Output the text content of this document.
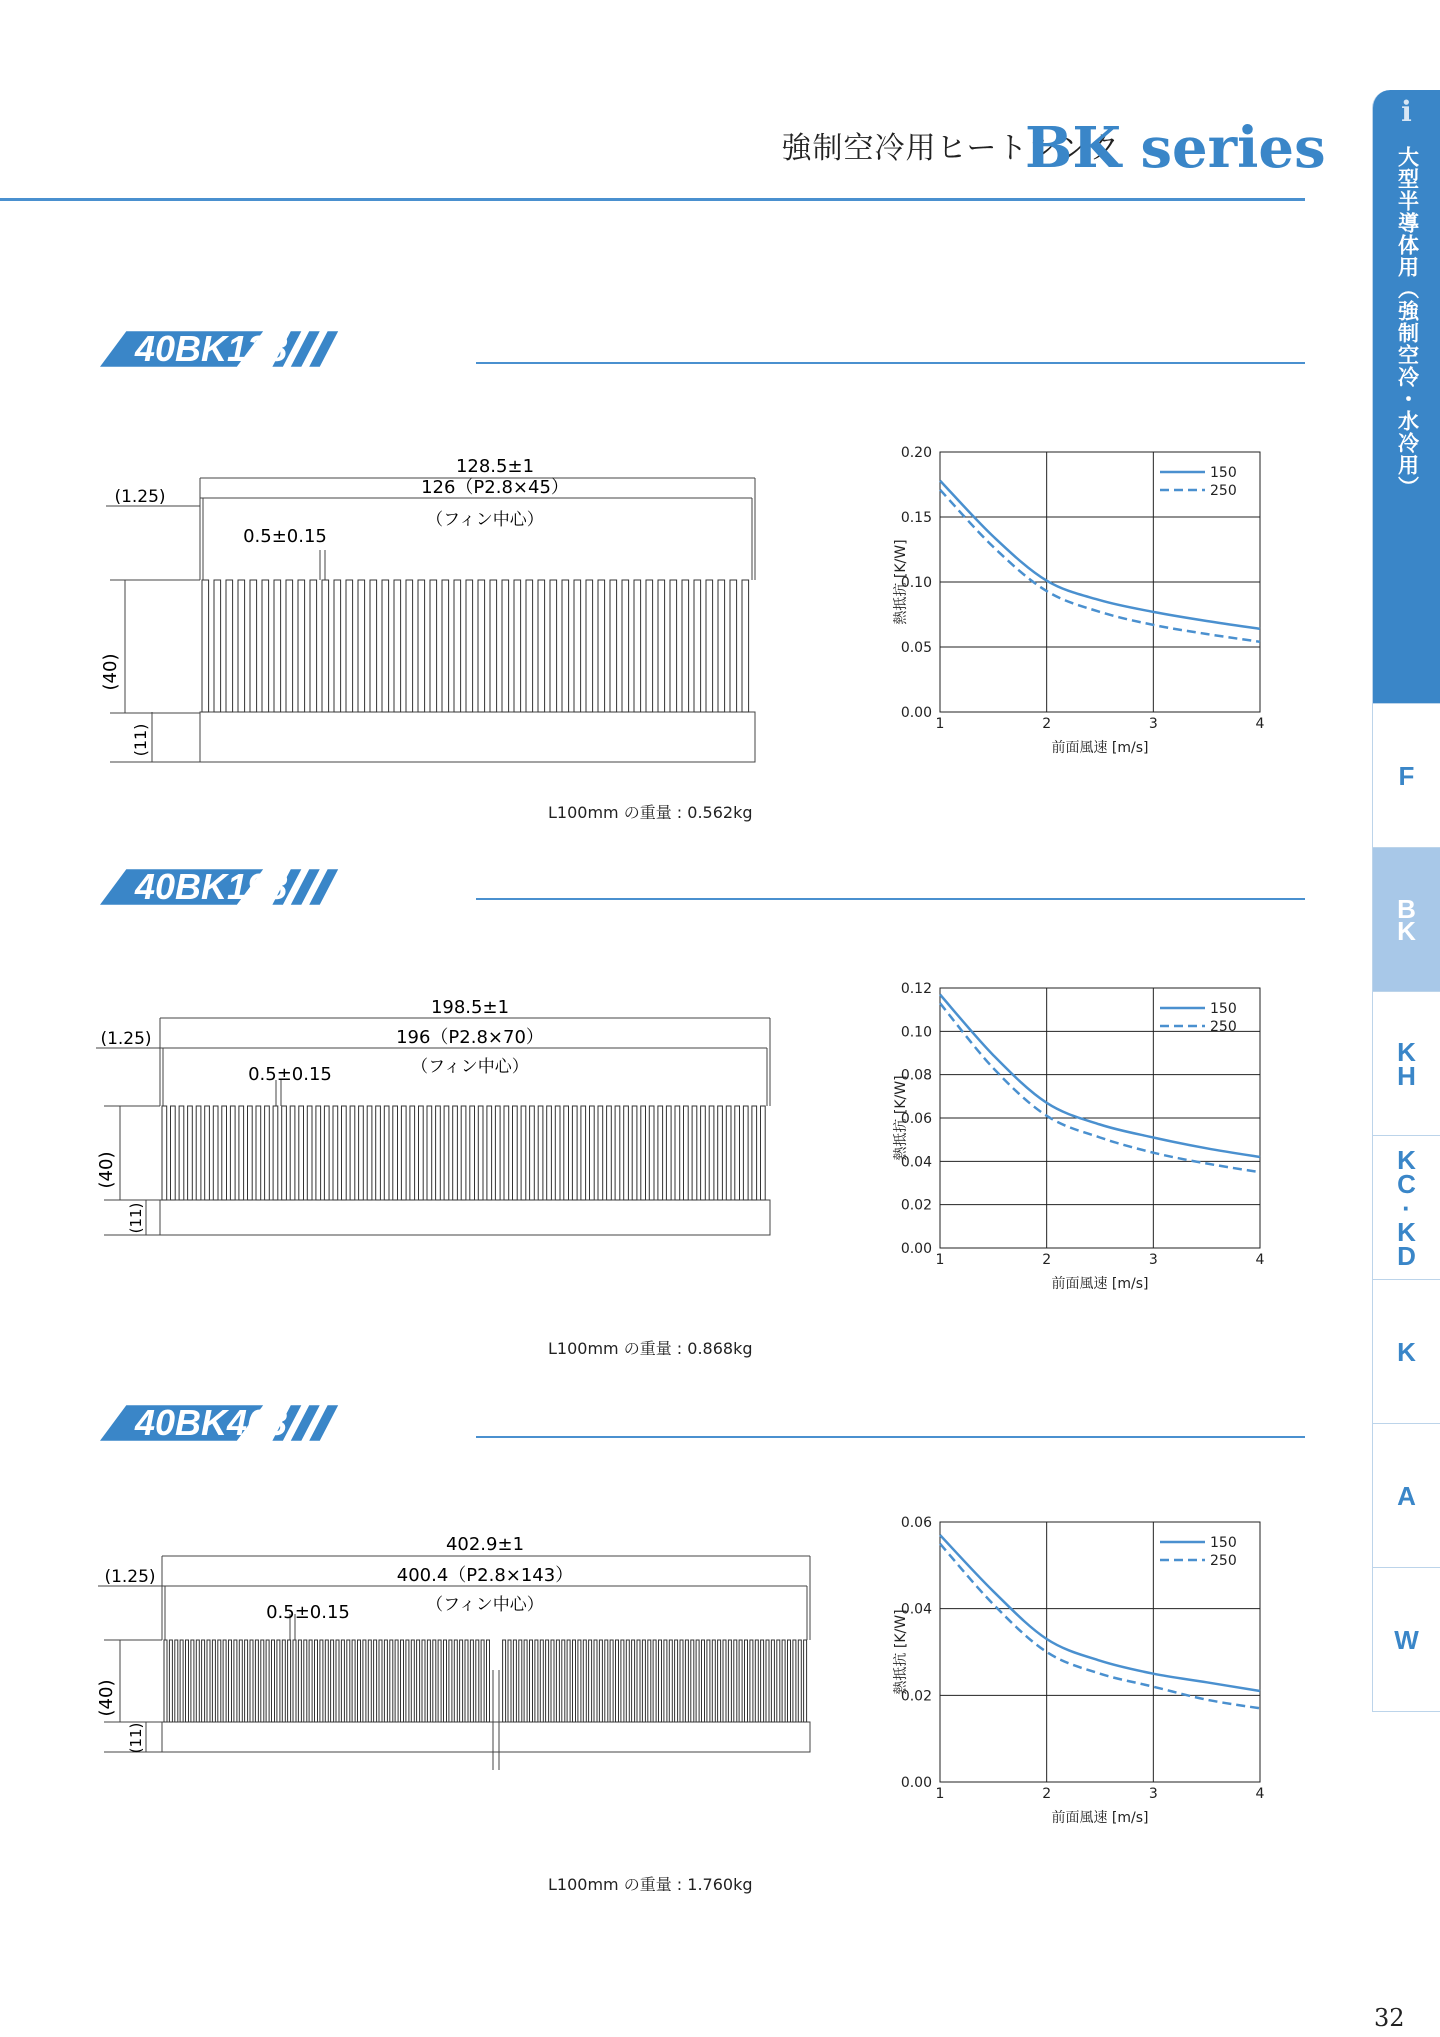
強制空冷用ヒートシンク
BK series
i
大型半導体用（強制空冷・水冷用）
F
BK
KH
KC·KD
K
A
W
40BK128
128.5±1
126（P2.8×45）
（フィン中心）
0.5±0.15
(1.25)
(40)
(11)
L100mm の重量 : 0.562kg
1	2	3	4
0.00
0.05
0.10
0.15
0.20
前面風速 [m/s]
熱抵抗 [K/W]
150
250
40BK198
198.5±1
196（P2.8×70）
（フィン中心）
0.5±0.15
(1.25)
(40)
(11)
L100mm の重量 : 0.868kg
1	2	3	4
0.00
0.02
0.04
0.06
0.08
0.10
0.12
前面風速 [m/s]
熱抵抗 [K/W]
150
250
40BK403
402.9±1
400.4（P2.8×143）
（フィン中心）
0.5±0.15
(1.25)
(40)
(11)
L100mm の重量 : 1.760kg
1	2	3	4
0.00
0.02
0.04
0.06
前面風速 [m/s]
熱抵抗 [K/W]
150
250
32
